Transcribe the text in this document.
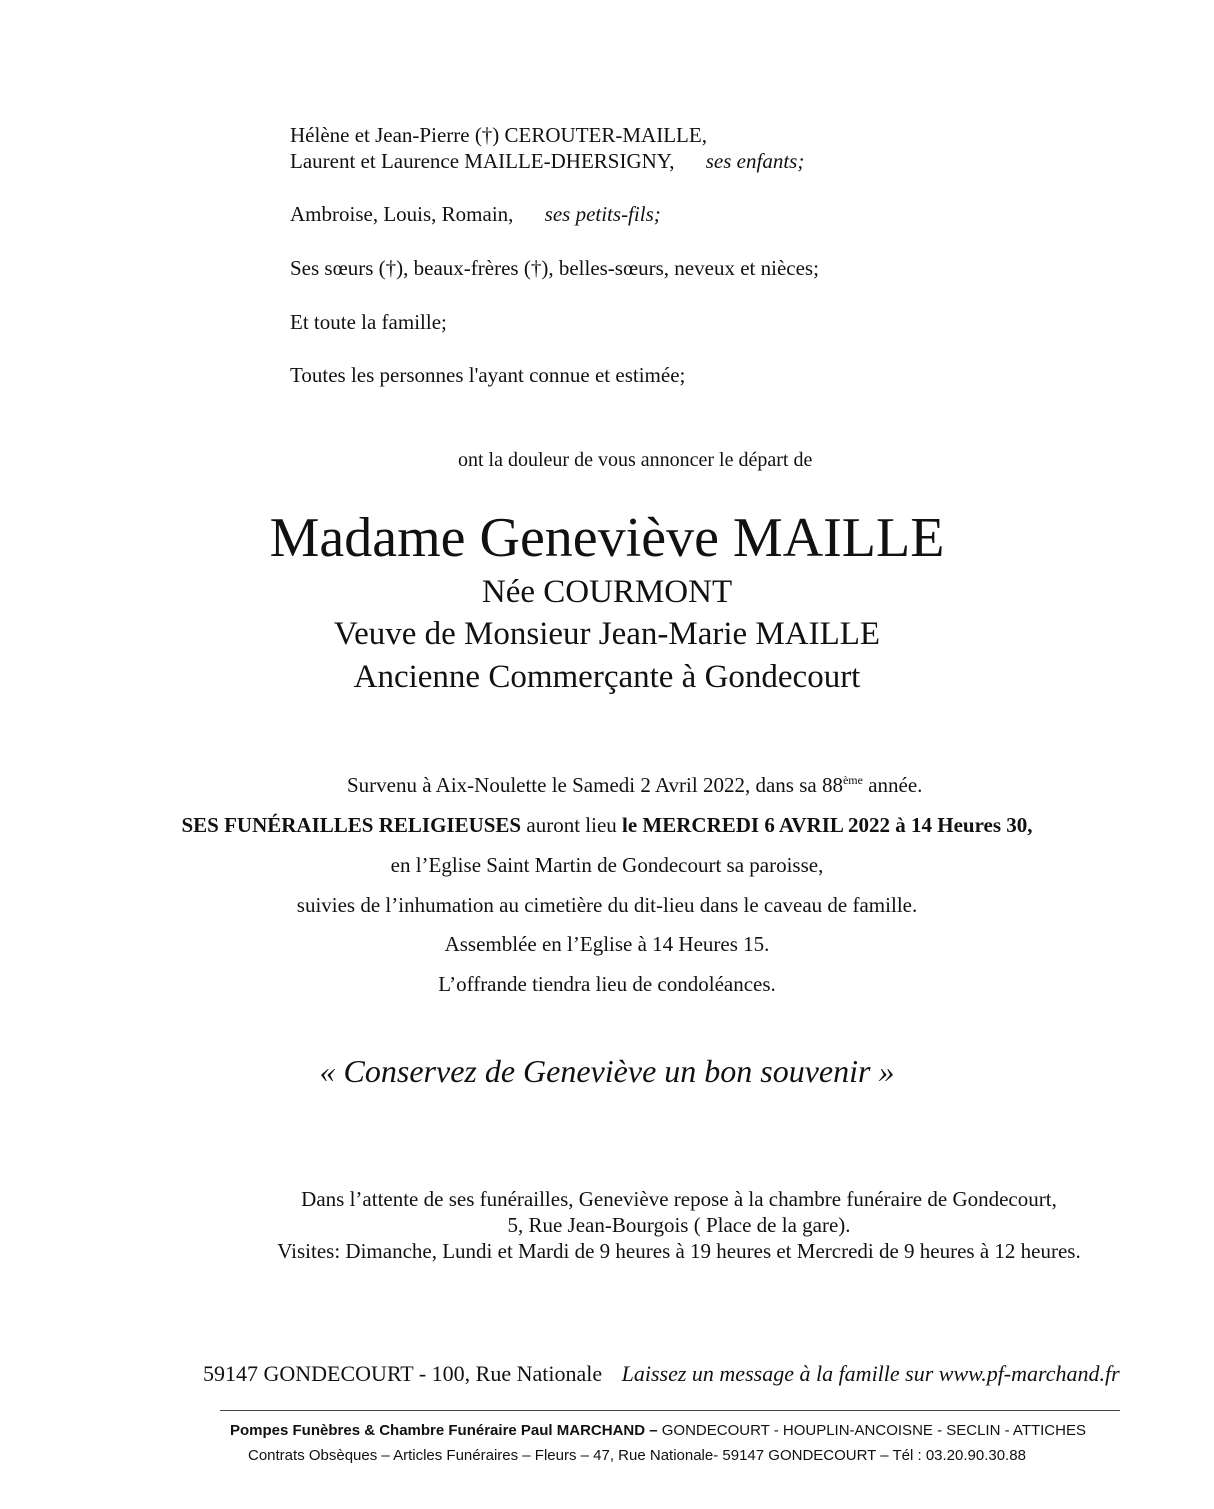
Hélène et Jean-Pierre (†) CEROUTER-MAILLE,
Laurent et Laurence MAILLE-DHERSIGNY, ses enfants;
Ambroise, Louis, Romain, ses petits-fils;
Ses sœurs (†), beaux-frères (†), belles-sœurs, neveux et nièces;
Et toute la famille;
Toutes les personnes l'ayant connue et estimée;
ont la douleur de vous annoncer le départ de
Madame Geneviève MAILLE
Née COURMONT
Veuve de Monsieur Jean-Marie MAILLE
Ancienne Commerçante à Gondecourt
Survenu à Aix-Noulette le Samedi 2 Avril 2022, dans sa 88ème année.
SES FUNÉRAILLES RELIGIEUSES auront lieu le MERCREDI 6 AVRIL 2022 à 14 Heures 30,
en l’Eglise Saint Martin de Gondecourt sa paroisse,
suivies de l’inhumation au cimetière du dit-lieu dans le caveau de famille.
Assemblée en l’Eglise à 14 Heures 15.
L’offrande tiendra lieu de condoléances.
« Conservez de Geneviève un bon souvenir »
Dans l’attente de ses funérailles, Geneviève repose à la chambre funéraire de Gondecourt,
5, Rue Jean-Bourgois ( Place de la gare).
Visites: Dimanche, Lundi et Mardi de 9 heures à 19 heures et Mercredi de 9 heures à 12 heures.
59147 GONDECOURT - 100, Rue Nationale Laissez un message à la famille sur www.pf-marchand.fr
Pompes Funèbres & Chambre Funéraire Paul MARCHAND – GONDECOURT - HOUPLIN-ANCOISNE - SECLIN - ATTICHES
Contrats Obsèques – Articles Funéraires – Fleurs – 47, Rue Nationale- 59147 GONDECOURT – Tél : 03.20.90.30.88
